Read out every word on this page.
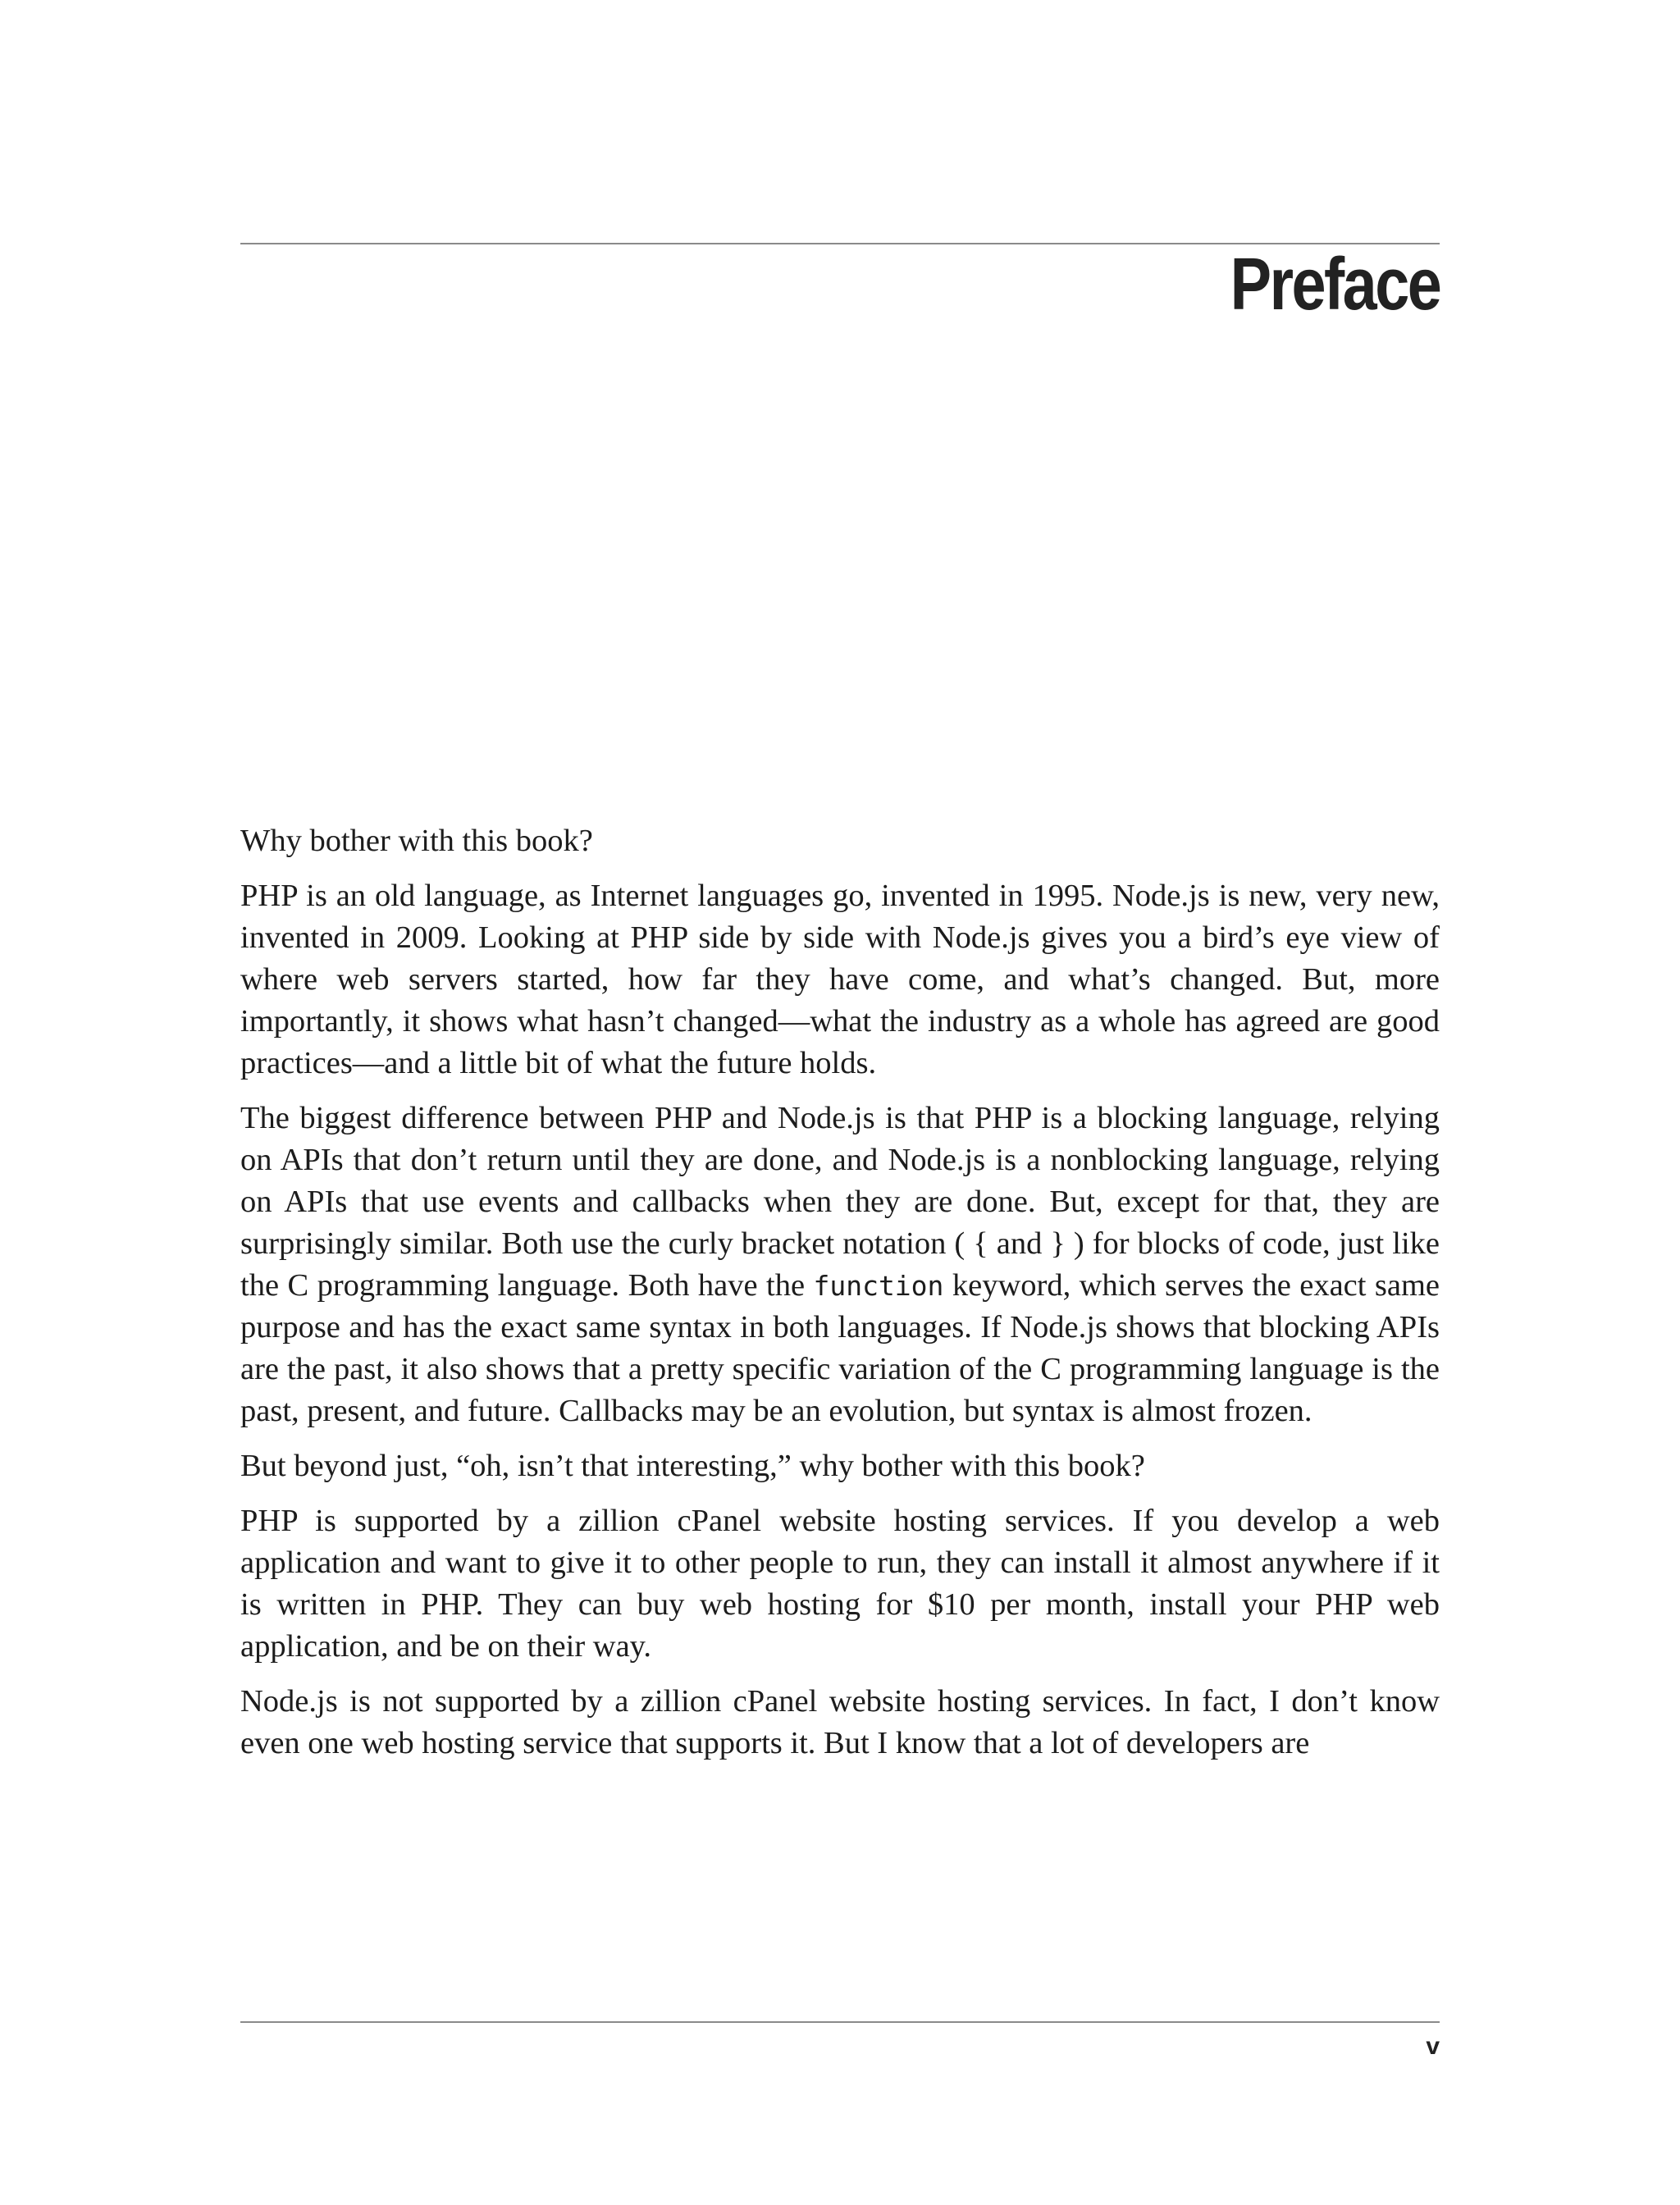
Preface

Why bother with this book?

PHP is an old language, as Internet languages go, invented in 1995. Node.js is new, very new, invented in 2009. Looking at PHP side by side with Node.js gives you a bird’s eye view of where web servers started, how far they have come, and what’s changed. But, more importantly, it shows what hasn’t changed—what the industry as a whole has agreed are good practices—and a little bit of what the future holds.

The biggest difference between PHP and Node.js is that PHP is a blocking language, relying on APIs that don’t return until they are done, and Node.js is a nonblocking language, relying on APIs that use events and callbacks when they are done. But, except for that, they are surprisingly similar. Both use the curly bracket notation ( { and } ) for blocks of code, just like the C programming language. Both have the function keyword, which serves the exact same purpose and has the exact same syntax in both languages. If Node.js shows that blocking APIs are the past, it also shows that a pretty specific variation of the C programming language is the past, present, and future. Callbacks may be an evolution, but syntax is almost frozen.

But beyond just, “oh, isn’t that interesting,” why bother with this book?

PHP is supported by a zillion cPanel website hosting services. If you develop a web application and want to give it to other people to run, they can install it almost anywhere if it is written in PHP. They can buy web hosting for $10 per month, install your PHP web application, and be on their way.

Node.js is not supported by a zillion cPanel website hosting services. In fact, I don’t know even one web hosting service that supports it. But I know that a lot of developers are

v
